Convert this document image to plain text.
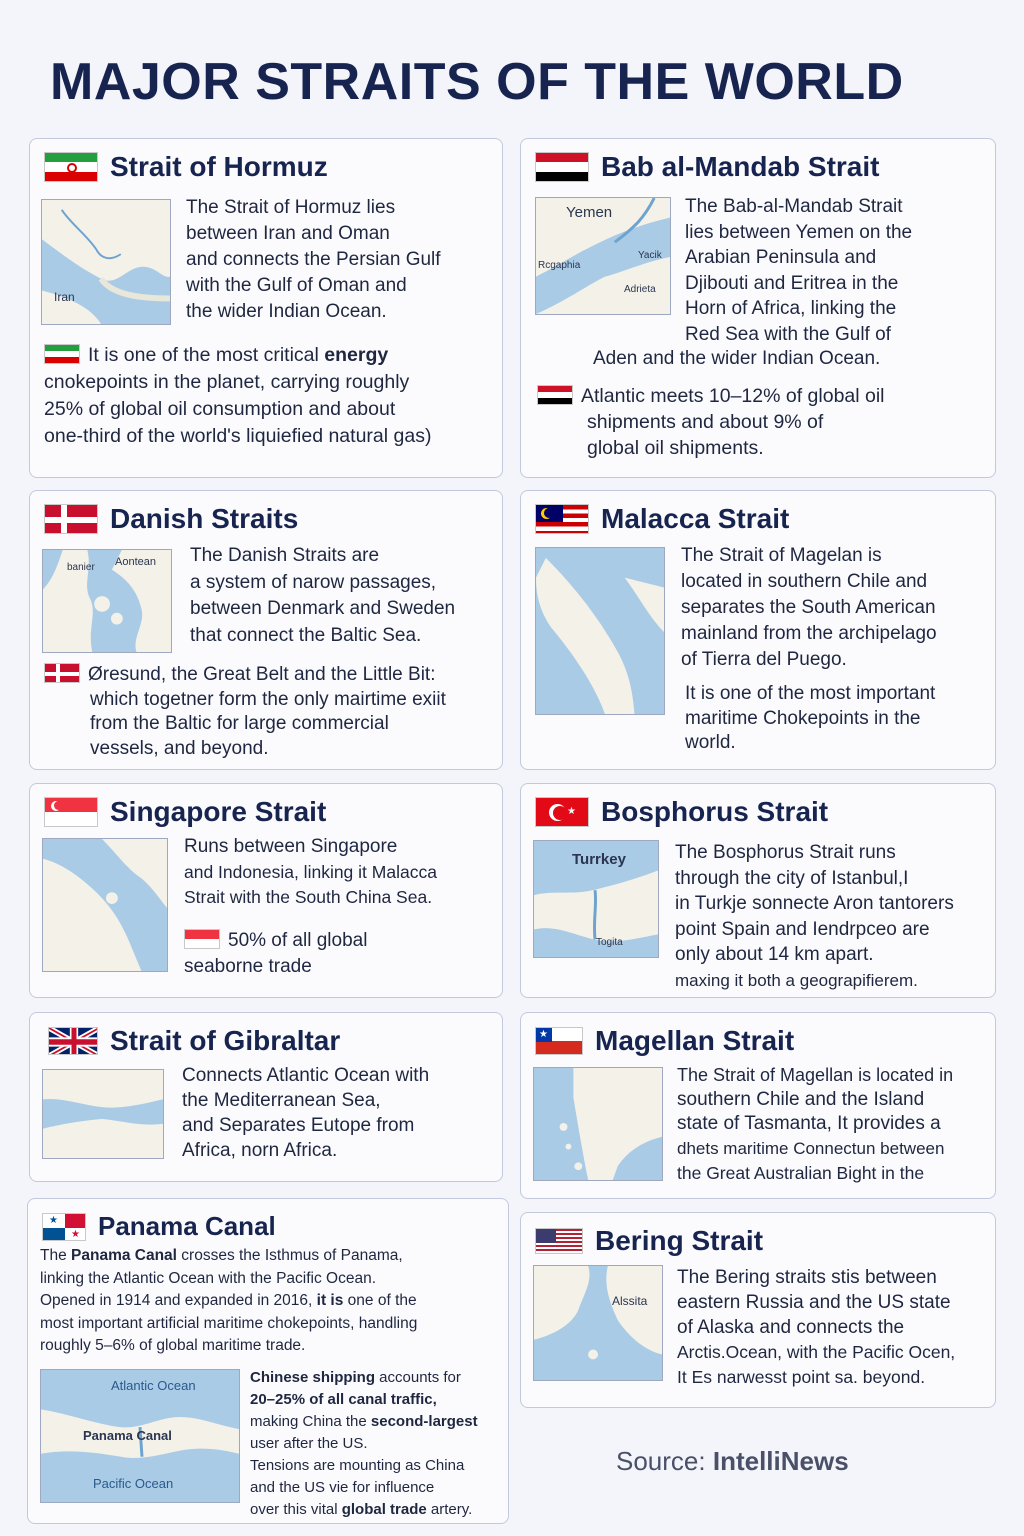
MAJOR STRAITS OF THE WORLD
Strait of Hormuz
Iran
The Strait of Hormuz lies
between Iran and Oman
and connects the Persian Gulf
with the Gulf of Oman and
the wider Indian Ocean.
It is one of the most critical energy
cnokepoints in the planet, carrying roughly
25% of global oil consumption and about
one-third of the world's liquiefied natural gas)
Bab al-Mandab Strait
Yemen
Rcgaphia
Yacik
Adrieta
The Bab-al-Mandab Strait
lies between Yemen on the
Arabian Peninsula and
Djibouti and Eritrea in the
Horn of Africa, linking the
Red Sea with the Gulf of
Aden and the wider Indian Ocean.
Atlantic meets 10–12% of global oil
shipments and about 9% of
global oil shipments.
Danish Straits
Aontean
banier
The Danish Straits are
a system of narow passages,
between Denmark and Sweden
that connect the Baltic Sea.
Øresund, the Great Belt and the Little Bit:
which togetner form the only mairtime exiit
from the Baltic for large commercial
vessels, and beyond.
Malacca Strait
The Strait of Magelan is
located in southern Chile and
separates the South American
mainland from the archipelago
of Tierra del Puego.
It is one of the most important
maritime Chokepoints in the
world.
Singapore Strait
Runs between Singapore
and Indonesia, linking it Malacca
Strait with the South China Sea.
50% of all global
seaborne trade
★ Bosphorus Strait
Turrkey
Togita
The Bosphorus Strait runs
through the city of Istanbul,I
in Turkje sonnecte Aron tantorers
point Spain and Iendrpceo are
only about 14 km apart.
maxing it both a geograpifierem.
Strait of Gibraltar
Connects Atlantic Ocean with
the Mediterranean Sea,
and Separates Eutope from
Africa, norn Africa.
★ Magellan Strait
The Strait of Magellan is located in
southern Chile and the Island
state of Tasmanta, It provides a
dhets maritime Connectun between
the Great Australian Bight in the
★
★ Panama Canal
The Panama Canal crosses the Isthmus of Panama,
linking the Atlantic Ocean with the Pacific Ocean.
Opened in 1914 and expanded in 2016, it is one of the
most important artificial maritime chokepoints, handling
roughly 5–6% of global maritime trade.
Atlantic Ocean
Panama Canal
Pacific Ocean
Chinese shipping accounts for
20–25% of all canal traffic,
making China the second-largest
user after the US.
Tensions are mounting as China
and the US vie for influence
over this vital global trade artery.
Bering Strait
Alssita
The Bering straits stis between
eastern Russia and the US state
of Alaska and connects the
Arctis.Ocean, with the Pacific Ocen,
It Es narwesst point sa. beyond.
Source: IntelliNews
